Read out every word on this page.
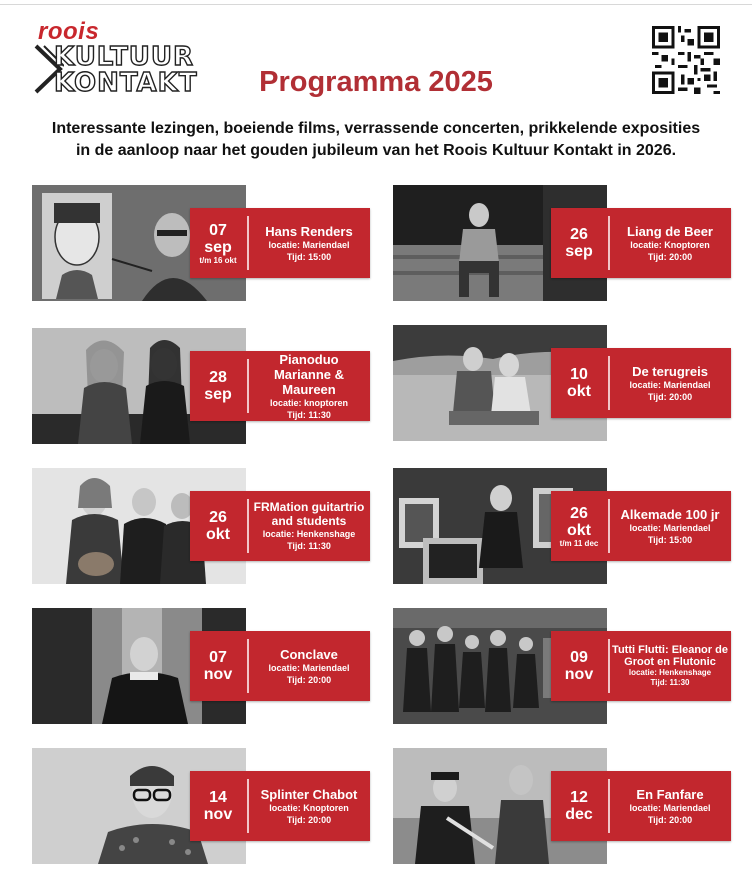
roois
KULTUUR
KONTAKT	Programma 2025
Interessante lezingen, boeiende films, verrassende concerten, prikkelende exposities
in de aanloop naar het gouden jubileum van het Roois Kultuur Kontakt in 2026.
07
sep
t/m 16 okt
Hans Renders
locatie: Mariendael
Tijd: 15:00
26
sep
Liang de Beer
locatie: Knoptoren
Tijd: 20:00
28
sep
Pianoduo Marianne & Maureen
locatie: knoptoren
Tijd: 11:30
10
okt
De terugreis
locatie: Mariendael
Tijd: 20:00
26
okt
FRMation guitartrio and students
locatie: Henkenshage
Tijd: 11:30
26
okt
t/m 11 dec
Alkemade 100 jr
locatie: Mariendael
Tijd: 15:00
07
nov
Conclave
locatie: Mariendael
Tijd: 20:00
09
nov
Tutti Flutti: Eleanor de Groot en Flutonic
locatie: Henkenshage
Tijd: 11:30
14
nov
Splinter Chabot
locatie: Knoptoren
Tijd: 20:00
12
dec
En Fanfare
locatie: Mariendael
Tijd: 20:00
